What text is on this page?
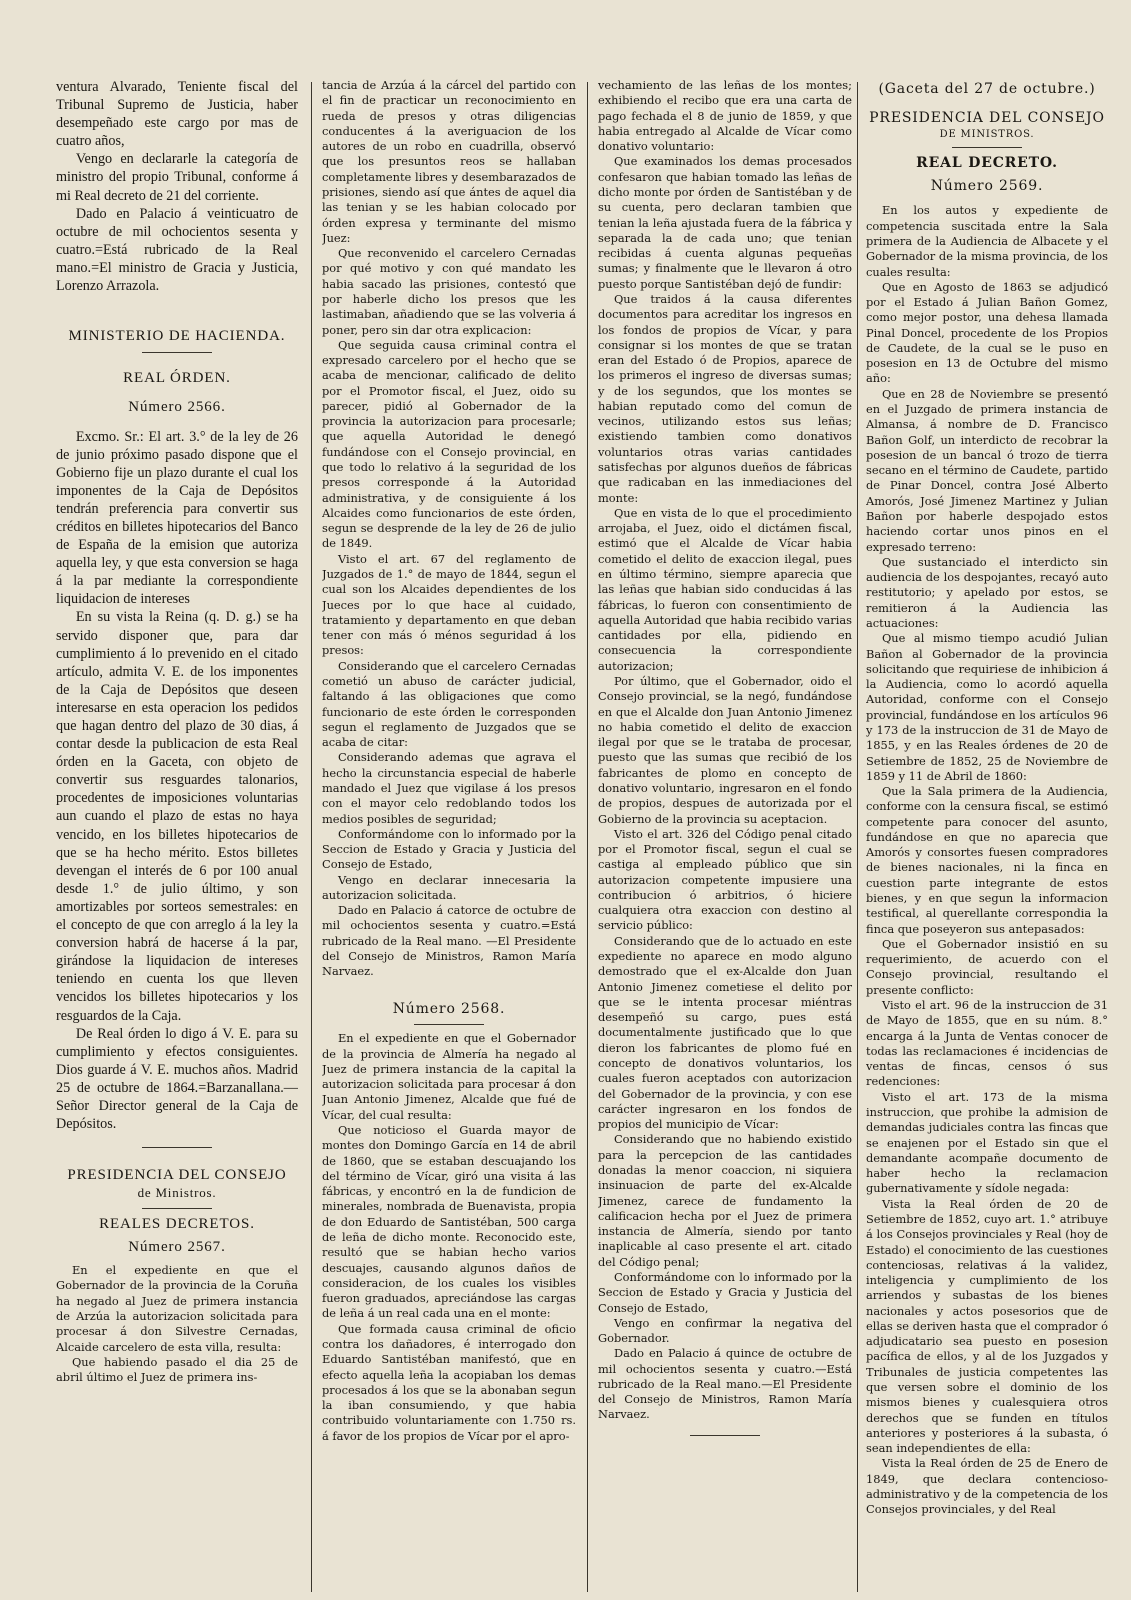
ventura Alvarado, Teniente fiscal del Tribunal Supremo de Justicia, haber desempeñado este cargo por mas de cuatro años,

Vengo en declararle la categoría de ministro del propio Tribunal, conforme á mi Real decreto de 21 del corriente.

Dado en Palacio á veinticuatro de octubre de mil ochocientos sesenta y cuatro.=Está rubricado de la Real mano.=El ministro de Gracia y Justicia, Lorenzo Arrazola.

MINISTERIO DE HACIENDA.
REAL ÓRDEN.
Número 2566.

Excmo. Sr.: El art. 3.° de la ley de 26 de junio próximo pasado dispone que el Gobierno fije un plazo durante el cual los imponentes de la Caja de Depósitos tendrán preferencia para convertir sus créditos en billetes hipotecarios del Banco de España de la emision que autoriza aquella ley, y que esta conversion se haga á la par mediante la correspondiente liquidacion de intereses

En su vista la Reina (q. D. g.) se ha servido disponer que, para dar cumplimiento á lo prevenido en el citado artículo, admita V. E. de los imponentes de la Caja de Depósitos que deseen interesarse en esta operacion los pedidos que hagan dentro del plazo de 30 dias, á contar desde la publicacion de esta Real órden en la Gaceta, con objeto de convertir sus resguardes talonarios, procedentes de imposiciones voluntarias aun cuando el plazo de estas no haya vencido, en los billetes hipotecarios de que se ha hecho mérito. Estos billetes devengan el interés de 6 por 100 anual desde 1.° de julio último, y son amortizables por sorteos semestrales: en el concepto de que con arreglo á la ley la conversion habrá de hacerse á la par, girándose la liquidacion de intereses teniendo en cuenta los que lleven vencidos los billetes hipotecarios y los resguardos de la Caja.

De Real órden lo digo á V. E. para su cumplimiento y efectos consiguientes. Dios guarde á V. E. muchos años. Madrid 25 de octubre de 1864.=Barzanallana.—Señor Director general de la Caja de Depósitos.

PRESIDENCIA DEL CONSEJO
de Ministros.
REALES DECRETOS.
Número 2567.

En el expediente en que el Gobernador de la provincia de la Coruña ha negado al Juez de primera instancia de Arzúa la autorizacion solicitada para procesar á don Silvestre Cernadas, Alcaide carcelero de esta villa, resulta:

Que habiendo pasado el dia 25 de abril último el Juez de primera ins-

tancia de Arzúa á la cárcel del partido con el fin de practicar un reconocimiento en rueda de presos y otras diligencias conducentes á la averiguacion de los autores de un robo en cuadrilla, observó que los presuntos reos se hallaban completamente libres y desembarazados de prisiones, siendo así que ántes de aquel dia las tenian y se les habian colocado por órden expresa y terminante del mismo Juez:

Que reconvenido el carcelero Cernadas por qué motivo y con qué mandato les habia sacado las prisiones, contestó que por haberle dicho los presos que les lastimaban, añadiendo que se las volveria á poner, pero sin dar otra explicacion:

Que seguida causa criminal contra el expresado carcelero por el hecho que se acaba de mencionar, calificado de delito por el Promotor fiscal, el Juez, oido su parecer, pidió al Gobernador de la provincia la autorizacion para procesarle; que aquella Autoridad le denegó fundándose con el Consejo provincial, en que todo lo relativo á la seguridad de los presos corresponde á la Autoridad administrativa, y de consiguiente á los Alcaides como funcionarios de este órden, segun se desprende de la ley de 26 de julio de 1849.

Visto el art. 67 del reglamento de Juzgados de 1.° de mayo de 1844, segun el cual son los Alcaides dependientes de los Jueces por lo que hace al cuidado, tratamiento y departamento en que deban tener con más ó ménos seguridad á los presos:

Considerando que el carcelero Cernadas cometió un abuso de carácter judicial, faltando á las obligaciones que como funcionario de este órden le corresponden segun el reglamento de Juzgados que se acaba de citar:

Considerando ademas que agrava el hecho la circunstancia especial de haberle mandado el Juez que vigilase á los presos con el mayor celo redoblando todos los medios posibles de seguridad;

Conformándome con lo informado por la Seccion de Estado y Gracia y Justicia del Consejo de Estado,

Vengo en declarar innecesaria la autorizacion solicitada.

Dado en Palacio á catorce de octubre de mil ochocientos sesenta y cuatro.=Está rubricado de la Real mano. —El Presidente del Consejo de Ministros, Ramon María Narvaez.

Número 2568.

En el expediente en que el Gobernador de la provincia de Almería ha negado al Juez de primera instancia de la capital la autorizacion solicitada para procesar á don Juan Antonio Jimenez, Alcalde que fué de Vícar, del cual resulta:

Que noticioso el Guarda mayor de montes don Domingo García en 14 de abril de 1860, que se estaban descuajando los del término de Vícar, giró una visita á las fábricas, y encontró en la de fundicion de minerales, nombrada de Buenavista, propia de don Eduardo de Santistéban, 500 carga de leña de dicho monte. Reconocido este, resultó que se habian hecho varios descuajes, causando algunos daños de consideracion, de los cuales los visibles fueron graduados, apreciándose las cargas de leña á un real cada una en el monte:

Que formada causa criminal de oficio contra los dañadores, é interrogado don Eduardo Santistéban manifestó, que en efecto aquella leña la acopiaban los demas procesados á los que se la abonaban segun la iban consumiendo, y que habia contribuido voluntariamente con 1.750 rs. á favor de los propios de Vícar por el apro-

vechamiento de las leñas de los montes; exhibiendo el recibo que era una carta de pago fechada el 8 de junio de 1859, y que habia entregado al Alcalde de Vícar como donativo voluntario:

Que examinados los demas procesados confesaron que habian tomado las leñas de dicho monte por órden de Santistéban y de su cuenta, pero declaran tambien que tenian la leña ajustada fuera de la fábrica y separada la de cada uno; que tenian recibidas á cuenta algunas pequeñas sumas; y finalmente que le llevaron á otro puesto porque Santistéban dejó de fundir:

Que traidos á la causa diferentes documentos para acreditar los ingresos en los fondos de propios de Vícar, y para consignar si los montes de que se tratan eran del Estado ó de Propios, aparece de los primeros el ingreso de diversas sumas; y de los segundos, que los montes se habian reputado como del comun de vecinos, utilizando estos sus leñas; existiendo tambien como donativos voluntarios otras varias cantidades satisfechas por algunos dueños de fábricas que radicaban en las inmediaciones del monte:

Que en vista de lo que el procedimiento arrojaba, el Juez, oido el dictámen fiscal, estimó que el Alcalde de Vícar habia cometido el delito de exaccion ilegal, pues en último término, siempre aparecia que las leñas que habian sido conducidas á las fábricas, lo fueron con consentimiento de aquella Autoridad que habia recibido varias cantidades por ella, pidiendo en consecuencia la correspondiente autorizacion;

Por último, que el Gobernador, oido el Consejo provincial, se la negó, fundándose en que el Alcalde don Juan Antonio Jimenez no habia cometido el delito de exaccion ilegal por que se le trataba de procesar, puesto que las sumas que recibió de los fabricantes de plomo en concepto de donativo voluntario, ingresaron en el fondo de propios, despues de autorizada por el Gobierno de la provincia su aceptacion.

Visto el art. 326 del Código penal citado por el Promotor fiscal, segun el cual se castiga al empleado público que sin autorizacion competente impusiere una contribucion ó arbitrios, ó hiciere cualquiera otra exaccion con destino al servicio público:

Considerando que de lo actuado en este expediente no aparece en modo alguno demostrado que el ex-Alcalde don Juan Antonio Jimenez cometiese el delito por que se le intenta procesar miéntras desempeñó su cargo, pues está documentalmente justificado que lo que dieron los fabricantes de plomo fué en concepto de donativos voluntarios, los cuales fueron aceptados con autorizacion del Gobernador de la provincia, y con ese carácter ingresaron en los fondos de propios del municipio de Vícar:

Considerando que no habiendo existido para la percepcion de las cantidades donadas la menor coaccion, ni siquiera insinuacion de parte del ex-Alcalde Jimenez, carece de fundamento la calificacion hecha por el Juez de primera instancia de Almería, siendo por tanto inaplicable al caso presente el art. citado del Código penal;

Conformándome con lo informado por la Seccion de Estado y Gracia y Justicia del Consejo de Estado,

Vengo en confirmar la negativa del Gobernador.

Dado en Palacio á quince de octubre de mil ochocientos sesenta y cuatro.—Está rubricado de la Real mano.—El Presidente del Consejo de Ministros, Ramon María Narvaez.

(Gaceta del 27 de octubre.)
PRESIDENCIA DEL CONSEJO
DE MINISTROS.
REAL DECRETO.
Número 2569.

En los autos y expediente de competencia suscitada entre la Sala primera de la Audiencia de Albacete y el Gobernador de la misma provincia, de los cuales resulta:

Que en Agosto de 1863 se adjudicó por el Estado á Julian Bañon Gomez, como mejor postor, una dehesa llamada Pinal Doncel, procedente de los Propios de Caudete, de la cual se le puso en posesion en 13 de Octubre del mismo año:

Que en 28 de Noviembre se presentó en el Juzgado de primera instancia de Almansa, á nombre de D. Francisco Bañon Golf, un interdicto de recobrar la posesion de un bancal ó trozo de tierra secano en el término de Caudete, partido de Pinar Doncel, contra José Alberto Amorós, José Jimenez Martinez y Julian Bañon por haberle despojado estos haciendo cortar unos pinos en el expresado terreno:

Que sustanciado el interdicto sin audiencia de los despojantes, recayó auto restitutorio; y apelado por estos, se remitieron á la Audiencia las actuaciones:

Que al mismo tiempo acudió Julian Bañon al Gobernador de la provincia solicitando que requiriese de inhibicion á la Audiencia, como lo acordó aquella Autoridad, conforme con el Consejo provincial, fundándose en los artículos 96 y 173 de la instruccion de 31 de Mayo de 1855, y en las Reales órdenes de 20 de Setiembre de 1852, 25 de Noviembre de 1859 y 11 de Abril de 1860:

Que la Sala primera de la Audiencia, conforme con la censura fiscal, se estimó competente para conocer del asunto, fundándose en que no aparecia que Amorós y consortes fuesen compradores de bienes nacionales, ni la finca en cuestion parte integrante de estos bienes, y en que segun la informacion testifical, al querellante correspondia la finca que poseyeron sus antepasados:

Que el Gobernador insistió en su requerimiento, de acuerdo con el Consejo provincial, resultando el presente conflicto:

Visto el art. 96 de la instruccion de 31 de Mayo de 1855, que en su núm. 8.° encarga á la Junta de Ventas conocer de todas las reclamaciones é incidencias de ventas de fincas, censos ó sus redenciones:

Visto el art. 173 de la misma instruccion, que prohibe la admision de demandas judiciales contra las fincas que se enajenen por el Estado sin que el demandante acompañe documento de haber hecho la reclamacion gubernativamente y sídole negada:

Vista la Real órden de 20 de Setiembre de 1852, cuyo art. 1.° atribuye á los Consejos provinciales y Real (hoy de Estado) el conocimiento de las cuestiones contenciosas, relativas á la validez, inteligencia y cumplimiento de los arriendos y subastas de los bienes nacionales y actos posesorios que de ellas se deriven hasta que el comprador ó adjudicatario sea puesto en posesion pacífica de ellos, y al de los Juzgados y Tribunales de justicia competentes las que versen sobre el dominio de los mismos bienes y cualesquiera otros derechos que se funden en títulos anteriores y posteriores á la subasta, ó sean independientes de ella:

Vista la Real órden de 25 de Enero de 1849, que declara contencioso-administrativo y de la competencia de los Consejos provinciales, y del Real
